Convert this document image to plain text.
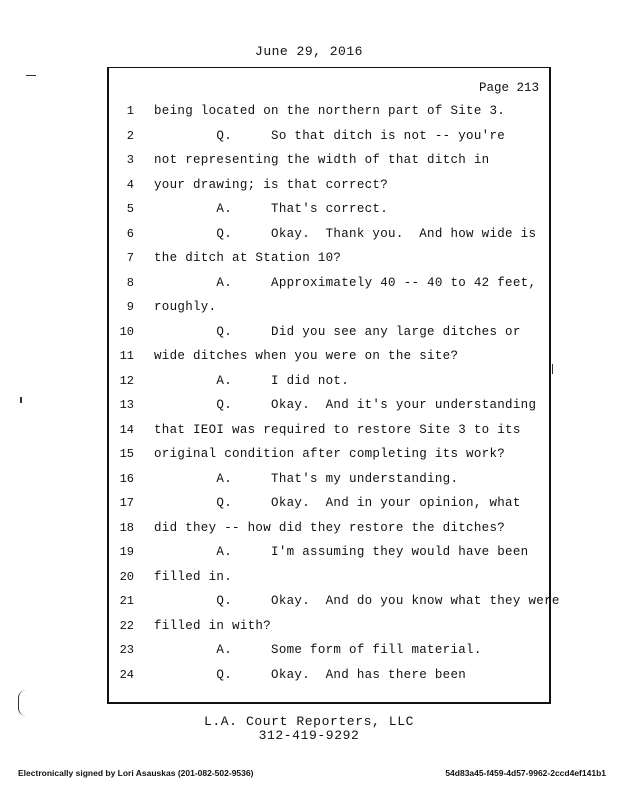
June 29, 2016
Page 213
1 being located on the northern part of Site 3.
2 Q.     So that ditch is not -- you're
3 not representing the width of that ditch in
4 your drawing; is that correct?
5 A.     That's correct.
6 Q.     Okay.  Thank you.  And how wide is
7 the ditch at Station 10?
8 A.     Approximately 40 -- 40 to 42 feet,
9 roughly.
10 Q.     Did you see any large ditches or
11 wide ditches when you were on the site?
12 A.     I did not.
13 Q.     Okay.  And it's your understanding
14 that IEOI was required to restore Site 3 to its
15 original condition after completing its work?
16 A.     That's my understanding.
17 Q.     Okay.  And in your opinion, what
18 did they -- how did they restore the ditches?
19 A.     I'm assuming they would have been
20 filled in.
21 Q.     Okay.  And do you know what they were
22 filled in with?
23 A.     Some form of fill material.
24 Q.     Okay.  And has there been
L.A. Court Reporters, LLC
312-419-9292
Electronically signed by Lori Asauskas (201-082-502-9536)	54d83a45-f459-4d57-9962-2ccd4ef141b1
